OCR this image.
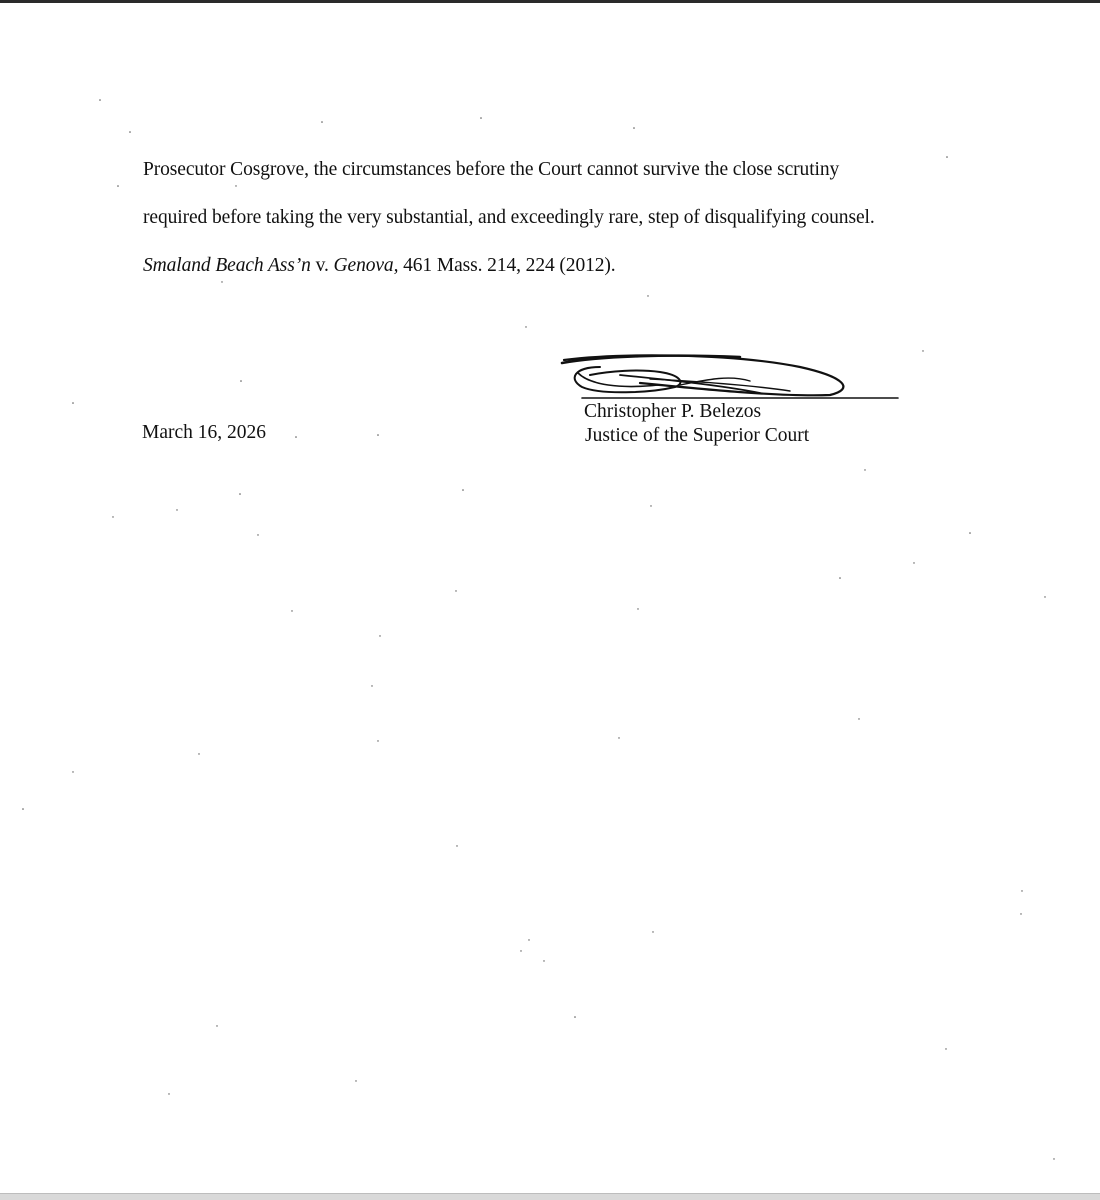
Prosecutor Cosgrove, the circumstances before the Court cannot survive the close scrutiny
required before taking the very substantial, and exceedingly rare, step of disqualifying counsel.
Smaland Beach Ass’n v. Genova, 461 Mass. 214, 224 (2012).
March 16, 2026
Christopher P. Belezos
Justice of the Superior Court
